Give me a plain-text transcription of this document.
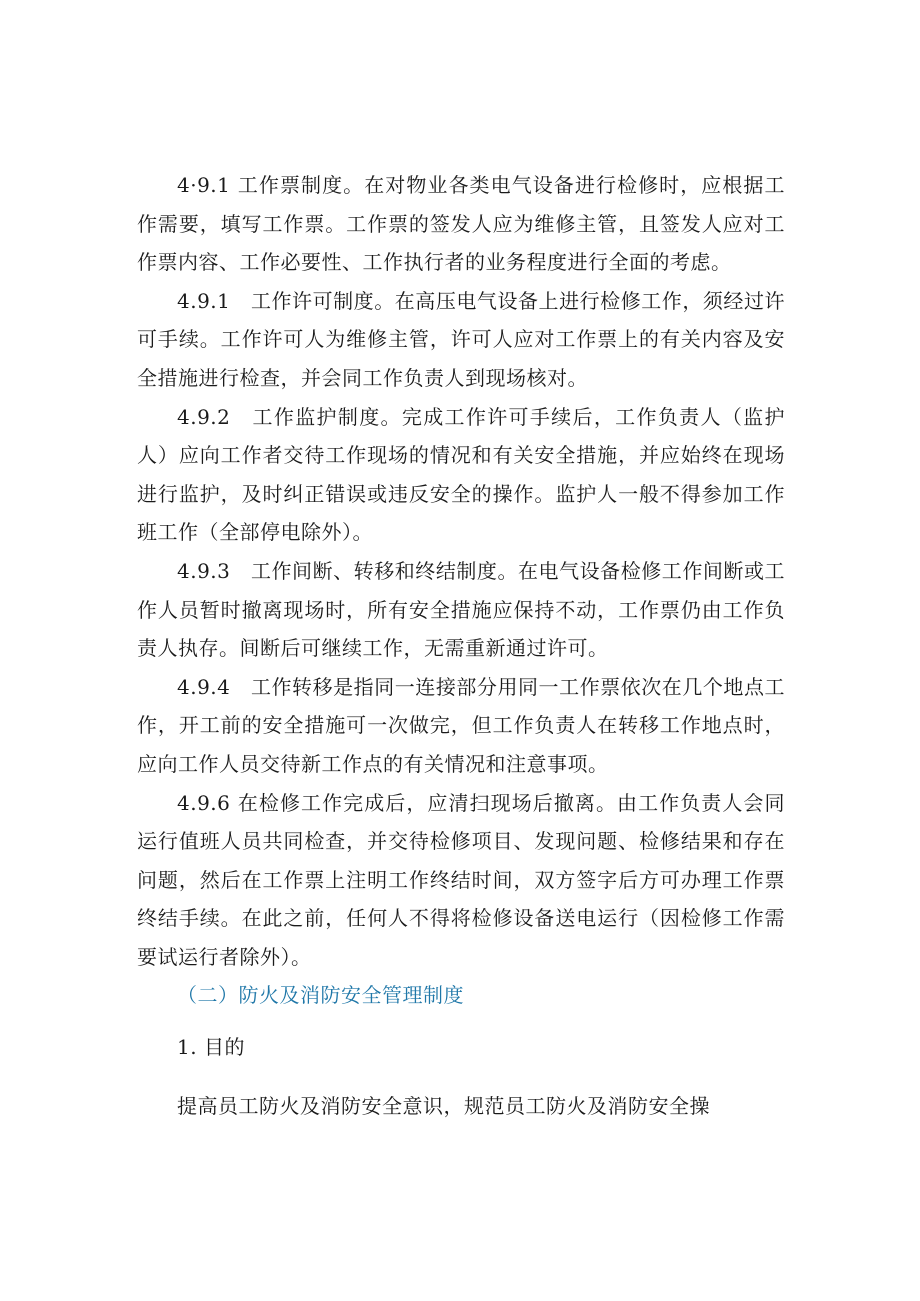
4·9.1 工作票制度。在对物业各类电气设备进行检修时，应根据工作需要，填写工作票。工作票的签发人应为维修主管，且签发人应对工作票内容、工作必要性、工作执行者的业务程度进行全面的考虑。

4.9.1　工作许可制度。在高压电气设备上进行检修工作，须经过许可手续。工作许可人为维修主管，许可人应对工作票上的有关内容及安全措施进行检查，并会同工作负责人到现场核对。

4.9.2　工作监护制度。完成工作许可手续后，工作负责人（监护人）应向工作者交待工作现场的情况和有关安全措施，并应始终在现场进行监护，及时纠正错误或违反安全的操作。监护人一般不得参加工作班工作（全部停电除外）。

4.9.3　工作间断、转移和终结制度。在电气设备检修工作间断或工作人员暂时撤离现场时，所有安全措施应保持不动，工作票仍由工作负责人执存。间断后可继续工作，无需重新通过许可。

4.9.4　工作转移是指同一连接部分用同一工作票依次在几个地点工作，开工前的安全措施可一次做完，但工作负责人在转移工作地点时，应向工作人员交待新工作点的有关情况和注意事项。

4.9.6 在检修工作完成后，应清扫现场后撤离。由工作负责人会同运行值班人员共同检查，并交待检修项目、发现问题、检修结果和存在问题，然后在工作票上注明工作终结时间，双方签字后方可办理工作票终结手续。在此之前，任何人不得将检修设备送电运行（因检修工作需要试运行者除外）。

（二）防火及消防安全管理制度

1. 目的

提高员工防火及消防安全意识，规范员工防火及消防安全操
